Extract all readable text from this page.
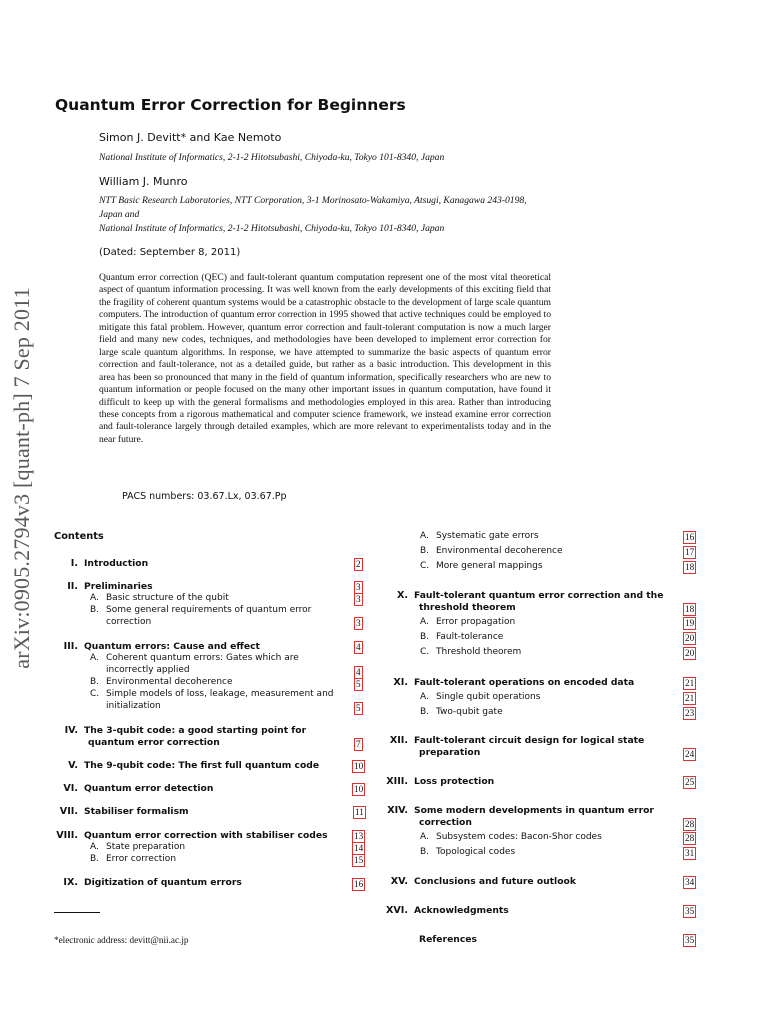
arXiv:0905.2794v3 [quant-ph] 7 Sep 2011
Quantum Error Correction for Beginners
Simon J. Devitt* and Kae Nemoto
National Institute of Informatics, 2-1-2 Hitotsubashi, Chiyoda-ku, Tokyo 101-8340, Japan
William J. Munro
NTT Basic Research Laboratories, NTT Corporation, 3-1 Morinosato-Wakamiya, Atsugi, Kanagawa 243-0198,
Japan and
National Institute of Informatics, 2-1-2 Hitotsubashi, Chiyoda-ku, Tokyo 101-8340, Japan
(Dated: September 8, 2011)
Quantum error correction (QEC) and fault-tolerant quantum computation represent one of the most vital theoretical aspect of quantum information processing. It was well known from the early developments of this exciting field that the fragility of coherent quantum systems would be a catastrophic obstacle to the development of large scale quantum computers. The introduction of quantum error correction in 1995 showed that active techniques could be employed to mitigate this fatal problem. However, quantum error correction and fault-tolerant computation is now a much larger field and many new codes, techniques, and methodologies have been developed to implement error correction for large scale quantum algorithms. In response, we have attempted to summarize the basic aspects of quantum error correction and fault-tolerance, not as a detailed guide, but rather as a basic introduction. This development in this area has been so pronounced that many in the field of quantum information, specifically researchers who are new to quantum information or people focused on the many other important issues in quantum computation, have found it difficult to keep up with the general formalisms and methodologies employed in this area. Rather than introducing these concepts from a rigorous mathematical and computer science framework, we instead examine error correction and fault-tolerance largely through detailed examples, which are more relevant to experimentalists today and in the near future.
PACS numbers: 03.67.Lx, 03.67.Pp
Contents
I. Introduction	2
II. Preliminaries	3
A. Basic structure of the qubit	3
B. Some general requirements of quantum error
correction	3
III. Quantum errors: Cause and effect	4
A. Coherent quantum errors: Gates which are
incorrectly applied	4
B. Environmental decoherence	5
C. Simple models of loss, leakage, measurement and
initialization	5
IV. The 3-qubit code: a good starting point for
quantum error correction	7
V. The 9-qubit code: The first full quantum code	10
VI. Quantum error detection	10
VII. Stabiliser formalism	11
VIII. Quantum error correction with stabiliser codes	13
A. State preparation	14
B. Error correction	15
IX. Digitization of quantum errors	16
A. Systematic gate errors	16
B. Environmental decoherence	17
C. More general mappings	18
X. Fault-tolerant quantum error correction and the
threshold theorem	18
A. Error propagation	19
B. Fault-tolerance	20
C. Threshold theorem	20
XI. Fault-tolerant operations on encoded data	21
A. Single qubit operations	21
B. Two-qubit gate	23
XII. Fault-tolerant circuit design for logical state
preparation	24
XIII. Loss protection	25
XIV. Some modern developments in quantum error
correction	28
A. Subsystem codes: Bacon-Shor codes	28
B. Topological codes	31
XV. Conclusions and future outlook	34
XVI. Acknowledgments	35
References	35
*electronic address: devitt@nii.ac.jp
